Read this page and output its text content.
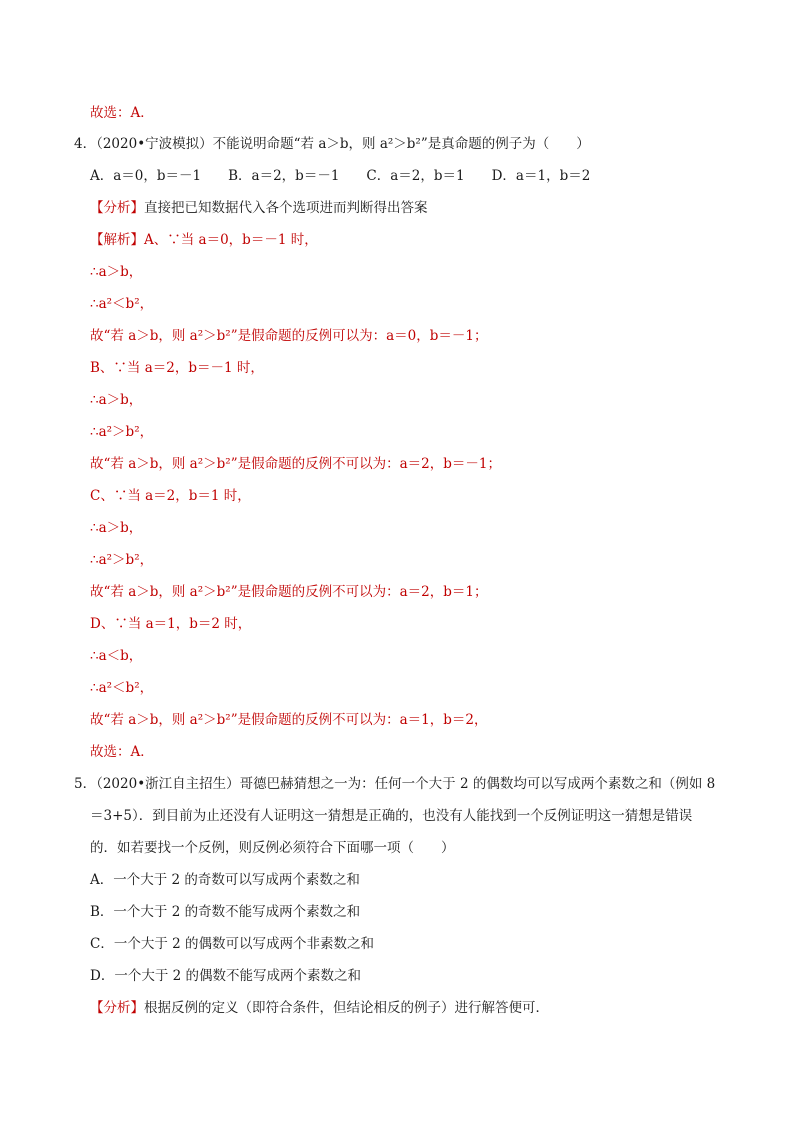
故选：A．
4．（2020•宁波模拟）不能说明命题“若 a＞b，则 a²＞b²”是真命题的例子为（　　）
A．a＝0，b＝－1　　B．a＝2，b＝－1　　C．a＝2，b＝1　　D．a＝1，b＝2
【分析】直接把已知数据代入各个选项进而判断得出答案
【解析】A、∵当 a＝0，b＝－1 时，
∴a＞b，
∴a²＜b²，
故“若 a＞b，则 a²＞b²”是假命题的反例可以为：a＝0，b＝－1；
B、∵当 a＝2，b＝－1 时，
∴a＞b，
∴a²＞b²，
故“若 a＞b，则 a²＞b²”是假命题的反例不可以为：a＝2，b＝－1；
C、∵当 a＝2，b＝1 时，
∴a＞b，
∴a²＞b²，
故“若 a＞b，则 a²＞b²”是假命题的反例不可以为：a＝2，b＝1；
D、∵当 a＝1，b＝2 时，
∴a＜b，
∴a²＜b²，
故“若 a＞b，则 a²＞b²”是假命题的反例不可以为：a＝1，b＝2，
故选：A．
5．（2020•浙江自主招生）哥德巴赫猜想之一为：任何一个大于 2 的偶数均可以写成两个素数之和（例如 8
＝3+5）．到目前为止还没有人证明这一猜想是正确的，也没有人能找到一个反例证明这一猜想是错误
的．如若要找一个反例，则反例必须符合下面哪一项（　　）
A．一个大于 2 的奇数可以写成两个素数之和
B．一个大于 2 的奇数不能写成两个素数之和
C．一个大于 2 的偶数可以写成两个非素数之和
D．一个大于 2 的偶数不能写成两个素数之和
【分析】根据反例的定义（即符合条件，但结论相反的例子）进行解答便可．
